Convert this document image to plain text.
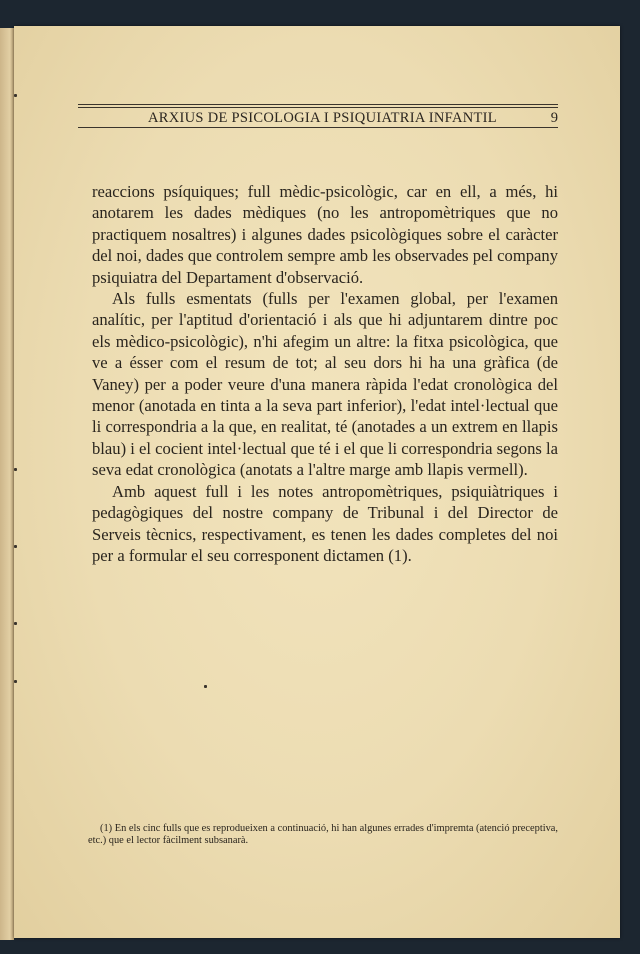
ARXIUS DE PSICOLOGIA I PSIQUIATRIA INFANTIL	9

reaccions psíquiques; full mèdic-psicològic, car en ell, a més, hi anotarem les dades mèdiques (no les antropomètriques que no practiquem nosaltres) i algunes dades psicològiques sobre el caràcter del noi, dades que controlem sempre amb les observades pel company psiquiatra del Departament d'observació.

Als fulls esmentats (fulls per l'examen global, per l'examen analític, per l'aptitud d'orientació i als que hi adjuntarem dintre poc els mèdico-psicològic), n'hi afegim un altre: la fitxa psicològica, que ve a ésser com el resum de tot; al seu dors hi ha una gràfica (de Vaney) per a poder veure d'una manera ràpida l'edat cronològica del menor (anotada en tinta a la seva part inferior), l'edat intel·lectual que li correspondria a la que, en realitat, té (anotades a un extrem en llapis blau) i el cocient intel·lectual que té i el que li correspondria segons la seva edat cronològica (anotats a l'altre marge amb llapis vermell).

Amb aquest full i les notes antropomètriques, psiquiàtriques i pedagògiques del nostre company de Tribunal i del Director de Serveis tècnics, respectivament, es tenen les dades completes del noi per a formular el seu corresponent dictamen (1).

(1) En els cinc fulls que es reprodueixen a continuació, hi han algunes errades d'impremta (atenció preceptiva, etc.) que el lector fàcilment subsanarà.
